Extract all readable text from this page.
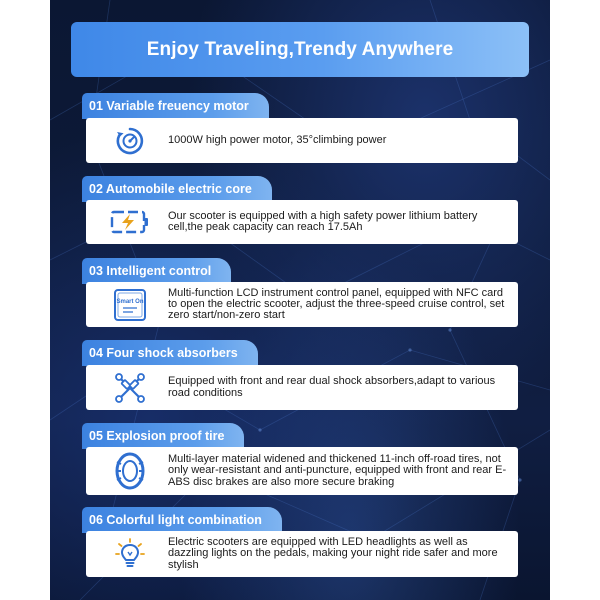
Enjoy Traveling,Trendy Anywhere
01 Variable freuency motor
1000W high power motor, 35°climbing power
02 Automobile electric core
Our scooter is equipped with a high safety power lithium battery cell,the peak capacity can reach 17.5Ah
03 Intelligent control
Smart On
Multi-function LCD instrument control panel, equipped with NFC card to open the electric scooter, adjust the three-speed cruise control, set zero start/non-zero start
04 Four shock absorbers
Equipped with front and rear dual shock absorbers,adapt to various road conditions
05 Explosion proof tire
Multi-layer material widened and thickened 11-inch off-road tires, not only wear-resistant and anti-puncture, equipped with front and rear E-ABS disc brakes are also more secure braking
06 Colorful light combination
Electric scooters are equipped with LED headlights as well as dazzling lights on the pedals, making your night ride safer and more stylish
